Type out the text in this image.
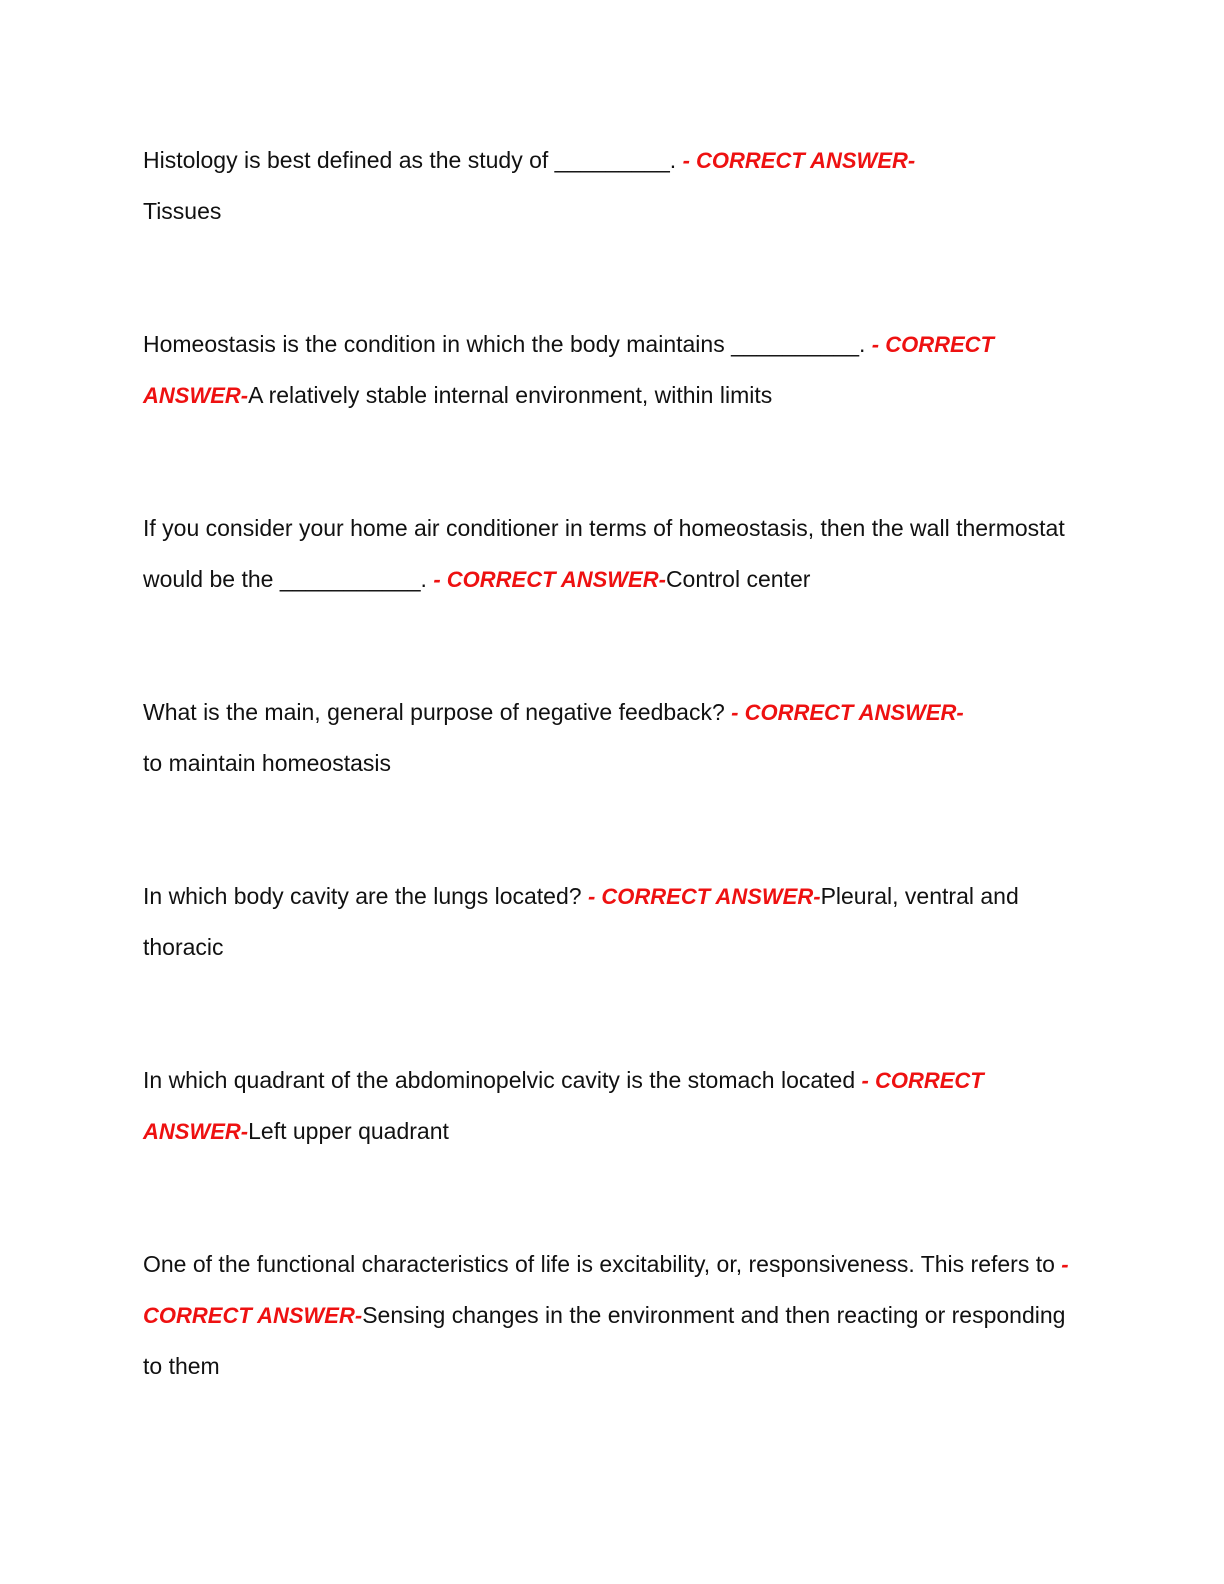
Histology is best defined as the study of _________. - CORRECT ANSWER-
Tissues

Homeostasis is the condition in which the body maintains __________. - CORRECT ANSWER-A relatively stable internal environment, within limits

If you consider your home air conditioner in terms of homeostasis, then the wall thermostat would be the ___________. - CORRECT ANSWER-Control center

What is the main, general purpose of negative feedback? - CORRECT ANSWER-
to maintain homeostasis

In which body cavity are the lungs located? - CORRECT ANSWER-Pleural, ventral and thoracic

In which quadrant of the abdominopelvic cavity is the stomach located - CORRECT ANSWER-Left upper quadrant

One of the functional characteristics of life is excitability, or, responsiveness. This refers to - CORRECT ANSWER-Sensing changes in the environment and then reacting or responding to them
